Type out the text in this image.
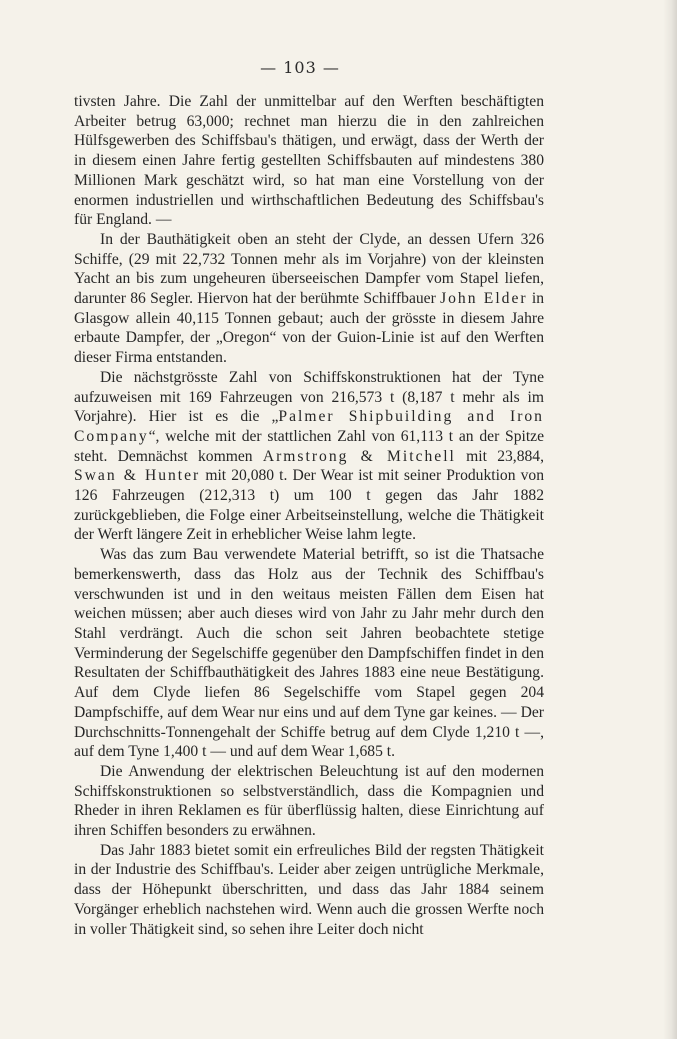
— 103 —

tivsten Jahre. Die Zahl der unmittelbar auf den Werften beschäftigten Arbeiter betrug 63,000; rechnet man hierzu die in den zahlreichen Hülfsgewerben des Schiffsbau's thätigen, und erwägt, dass der Werth der in diesem einen Jahre fertig gestellten Schiffsbauten auf mindestens 380 Millionen Mark geschätzt wird, so hat man eine Vorstellung von der enormen industriellen und wirthschaftlichen Bedeutung des Schiffsbau's für England. —

In der Bauthätigkeit oben an steht der Clyde, an dessen Ufern 326 Schiffe, (29 mit 22,732 Tonnen mehr als im Vorjahre) von der kleinsten Yacht an bis zum ungeheuren überseeischen Dampfer vom Stapel liefen, darunter 86 Segler. Hiervon hat der berühmte Schiffbauer John Elder in Glasgow allein 40,115 Tonnen gebaut; auch der grösste in diesem Jahre erbaute Dampfer, der „Oregon“ von der Guion-Linie ist auf den Werften dieser Firma entstanden.

Die nächstgrösste Zahl von Schiffskonstruktionen hat der Tyne aufzuweisen mit 169 Fahrzeugen von 216,573 t (8,187 t mehr als im Vorjahre). Hier ist es die „Palmer Shipbuilding and Iron Company“, welche mit der stattlichen Zahl von 61,113 t an der Spitze steht. Demnächst kommen Armstrong & Mitchell mit 23,884, Swan & Hunter mit 20,080 t. Der Wear ist mit seiner Produktion von 126 Fahrzeugen (212,313 t) um 100 t gegen das Jahr 1882 zurückgeblieben, die Folge einer Arbeitseinstellung, welche die Thätigkeit der Werft längere Zeit in erheblicher Weise lahm legte.

Was das zum Bau verwendete Material betrifft, so ist die Thatsache bemerkenswerth, dass das Holz aus der Technik des Schiffbau's verschwunden ist und in den weitaus meisten Fällen dem Eisen hat weichen müssen; aber auch dieses wird von Jahr zu Jahr mehr durch den Stahl verdrängt. Auch die schon seit Jahren beobachtete stetige Verminderung der Segelschiffe gegenüber den Dampfschiffen findet in den Resultaten der Schiffbauthätigkeit des Jahres 1883 eine neue Bestätigung. Auf dem Clyde liefen 86 Segelschiffe vom Stapel gegen 204 Dampfschiffe, auf dem Wear nur eins und auf dem Tyne gar keines. — Der Durchschnitts-Tonnengehalt der Schiffe betrug auf dem Clyde 1,210 t —, auf dem Tyne 1,400 t — und auf dem Wear 1,685 t.

Die Anwendung der elektrischen Beleuchtung ist auf den modernen Schiffskonstruktionen so selbstverständlich, dass die Kompagnien und Rheder in ihren Reklamen es für überflüssig halten, diese Einrichtung auf ihren Schiffen besonders zu erwähnen.

Das Jahr 1883 bietet somit ein erfreuliches Bild der regsten Thätigkeit in der Industrie des Schiffbau's. Leider aber zeigen untrügliche Merkmale, dass der Höhepunkt überschritten, und dass das Jahr 1884 seinem Vorgänger erheblich nachstehen wird. Wenn auch die grossen Werfte noch in voller Thätigkeit sind, so sehen ihre Leiter doch nicht
